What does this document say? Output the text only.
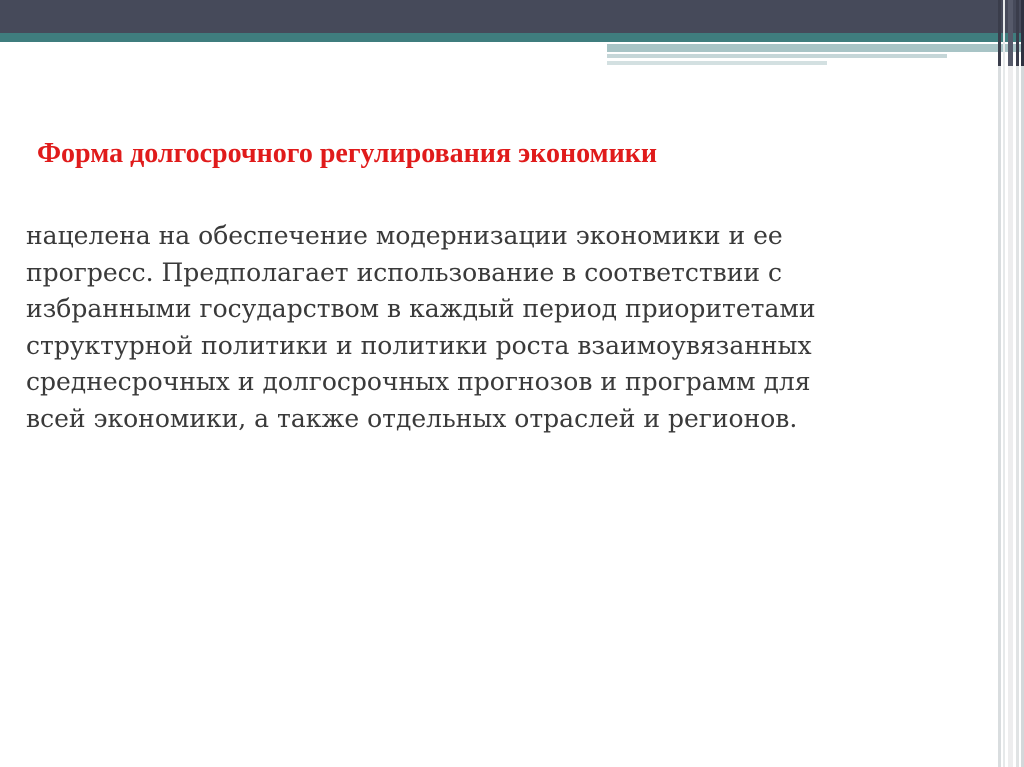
Форма долгосрочного регулирования экономики

нацелена на обеспечение модернизации экономики и ее
прогресс. Предполагает использование в соответствии с
избранными государством в каждый период приоритетами
структурной политики и политики роста взаимоувязанных
среднесрочных и долгосрочных прогнозов и программ для
всей экономики, а также отдельных отраслей и регионов.
